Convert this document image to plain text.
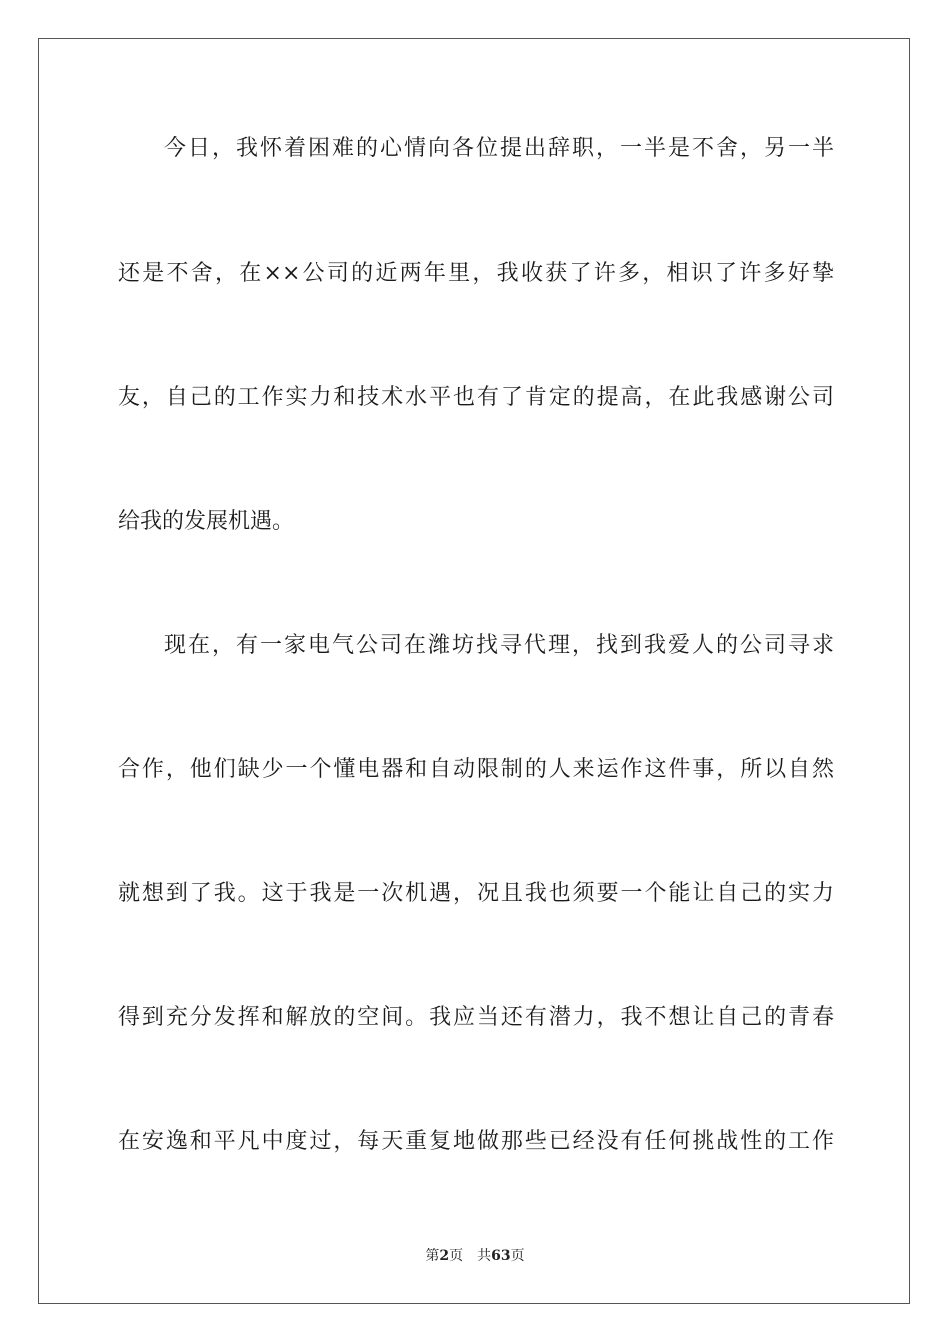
今日，我怀着困难的心情向各位提出辞职，一半是不舍，另一半
还是不舍，在××公司的近两年里，我收获了许多，相识了许多好挚
友，自己的工作实力和技术水平也有了肯定的提高，在此我感谢公司
给我的发展机遇。
现在，有一家电气公司在潍坊找寻代理，找到我爱人的公司寻求
合作，他们缺少一个懂电器和自动限制的人来运作这件事，所以自然
就想到了我。这于我是一次机遇，况且我也须要一个能让自己的实力
得到充分发挥和解放的空间。我应当还有潜力，我不想让自己的青春
在安逸和平凡中度过，每天重复地做那些已经没有任何挑战性的工作
第2页 共63页
